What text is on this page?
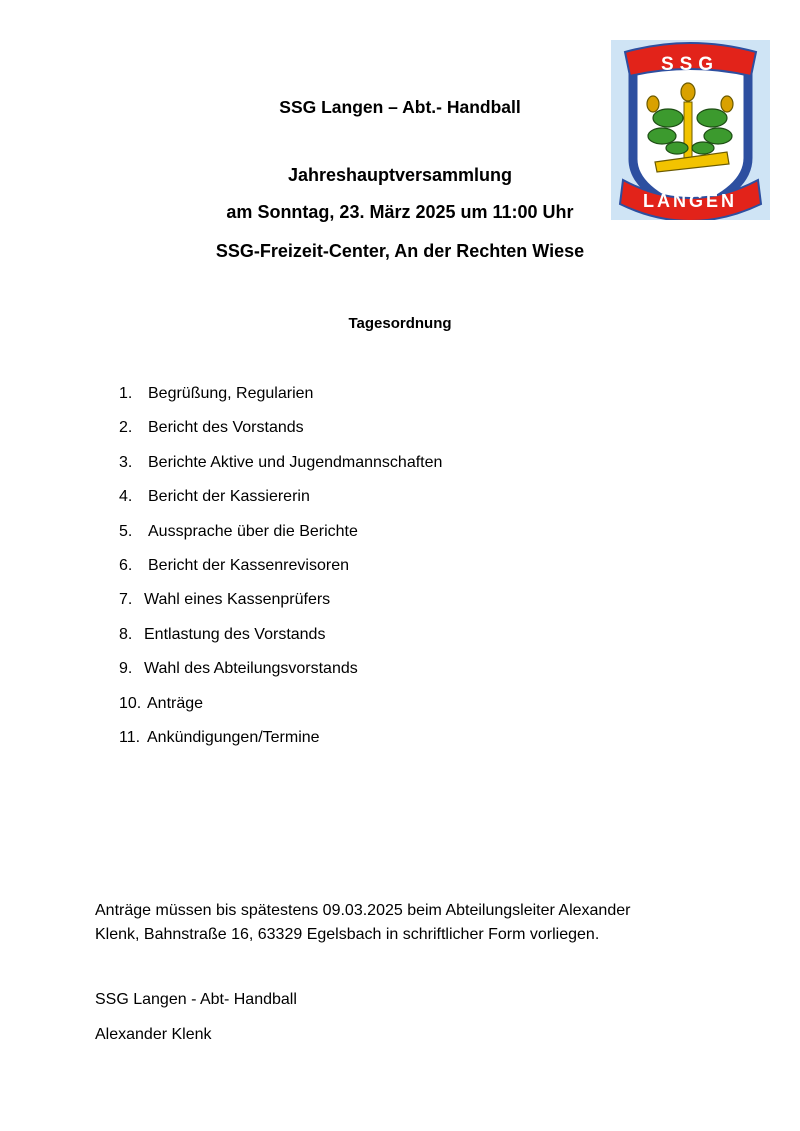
SSG
LANGEN
SSG Langen – Abt.- Handball
Jahreshauptversammlung
am Sonntag, 23. März 2025 um 11:00 Uhr
SSG-Freizeit-Center, An der Rechten Wiese
Tagesordnung
1. Begrüßung, Regularien
2. Bericht des Vorstands
3. Berichte Aktive und Jugendmannschaften
4. Bericht der Kassiererin
5. Aussprache über die Berichte
6. Bericht der Kassenrevisoren
7. Wahl eines Kassenprüfers
8. Entlastung des Vorstands
9. Wahl des Abteilungsvorstands
10. Anträge
11. Ankündigungen/Termine

Anträge müssen bis spätestens 09.03.2025 beim Abteilungsleiter Alexander

Klenk, Bahnstraße 16, 63329 Egelsbach in schriftlicher Form vorliegen.

SSG Langen - Abt- Handball
Alexander Klenk
